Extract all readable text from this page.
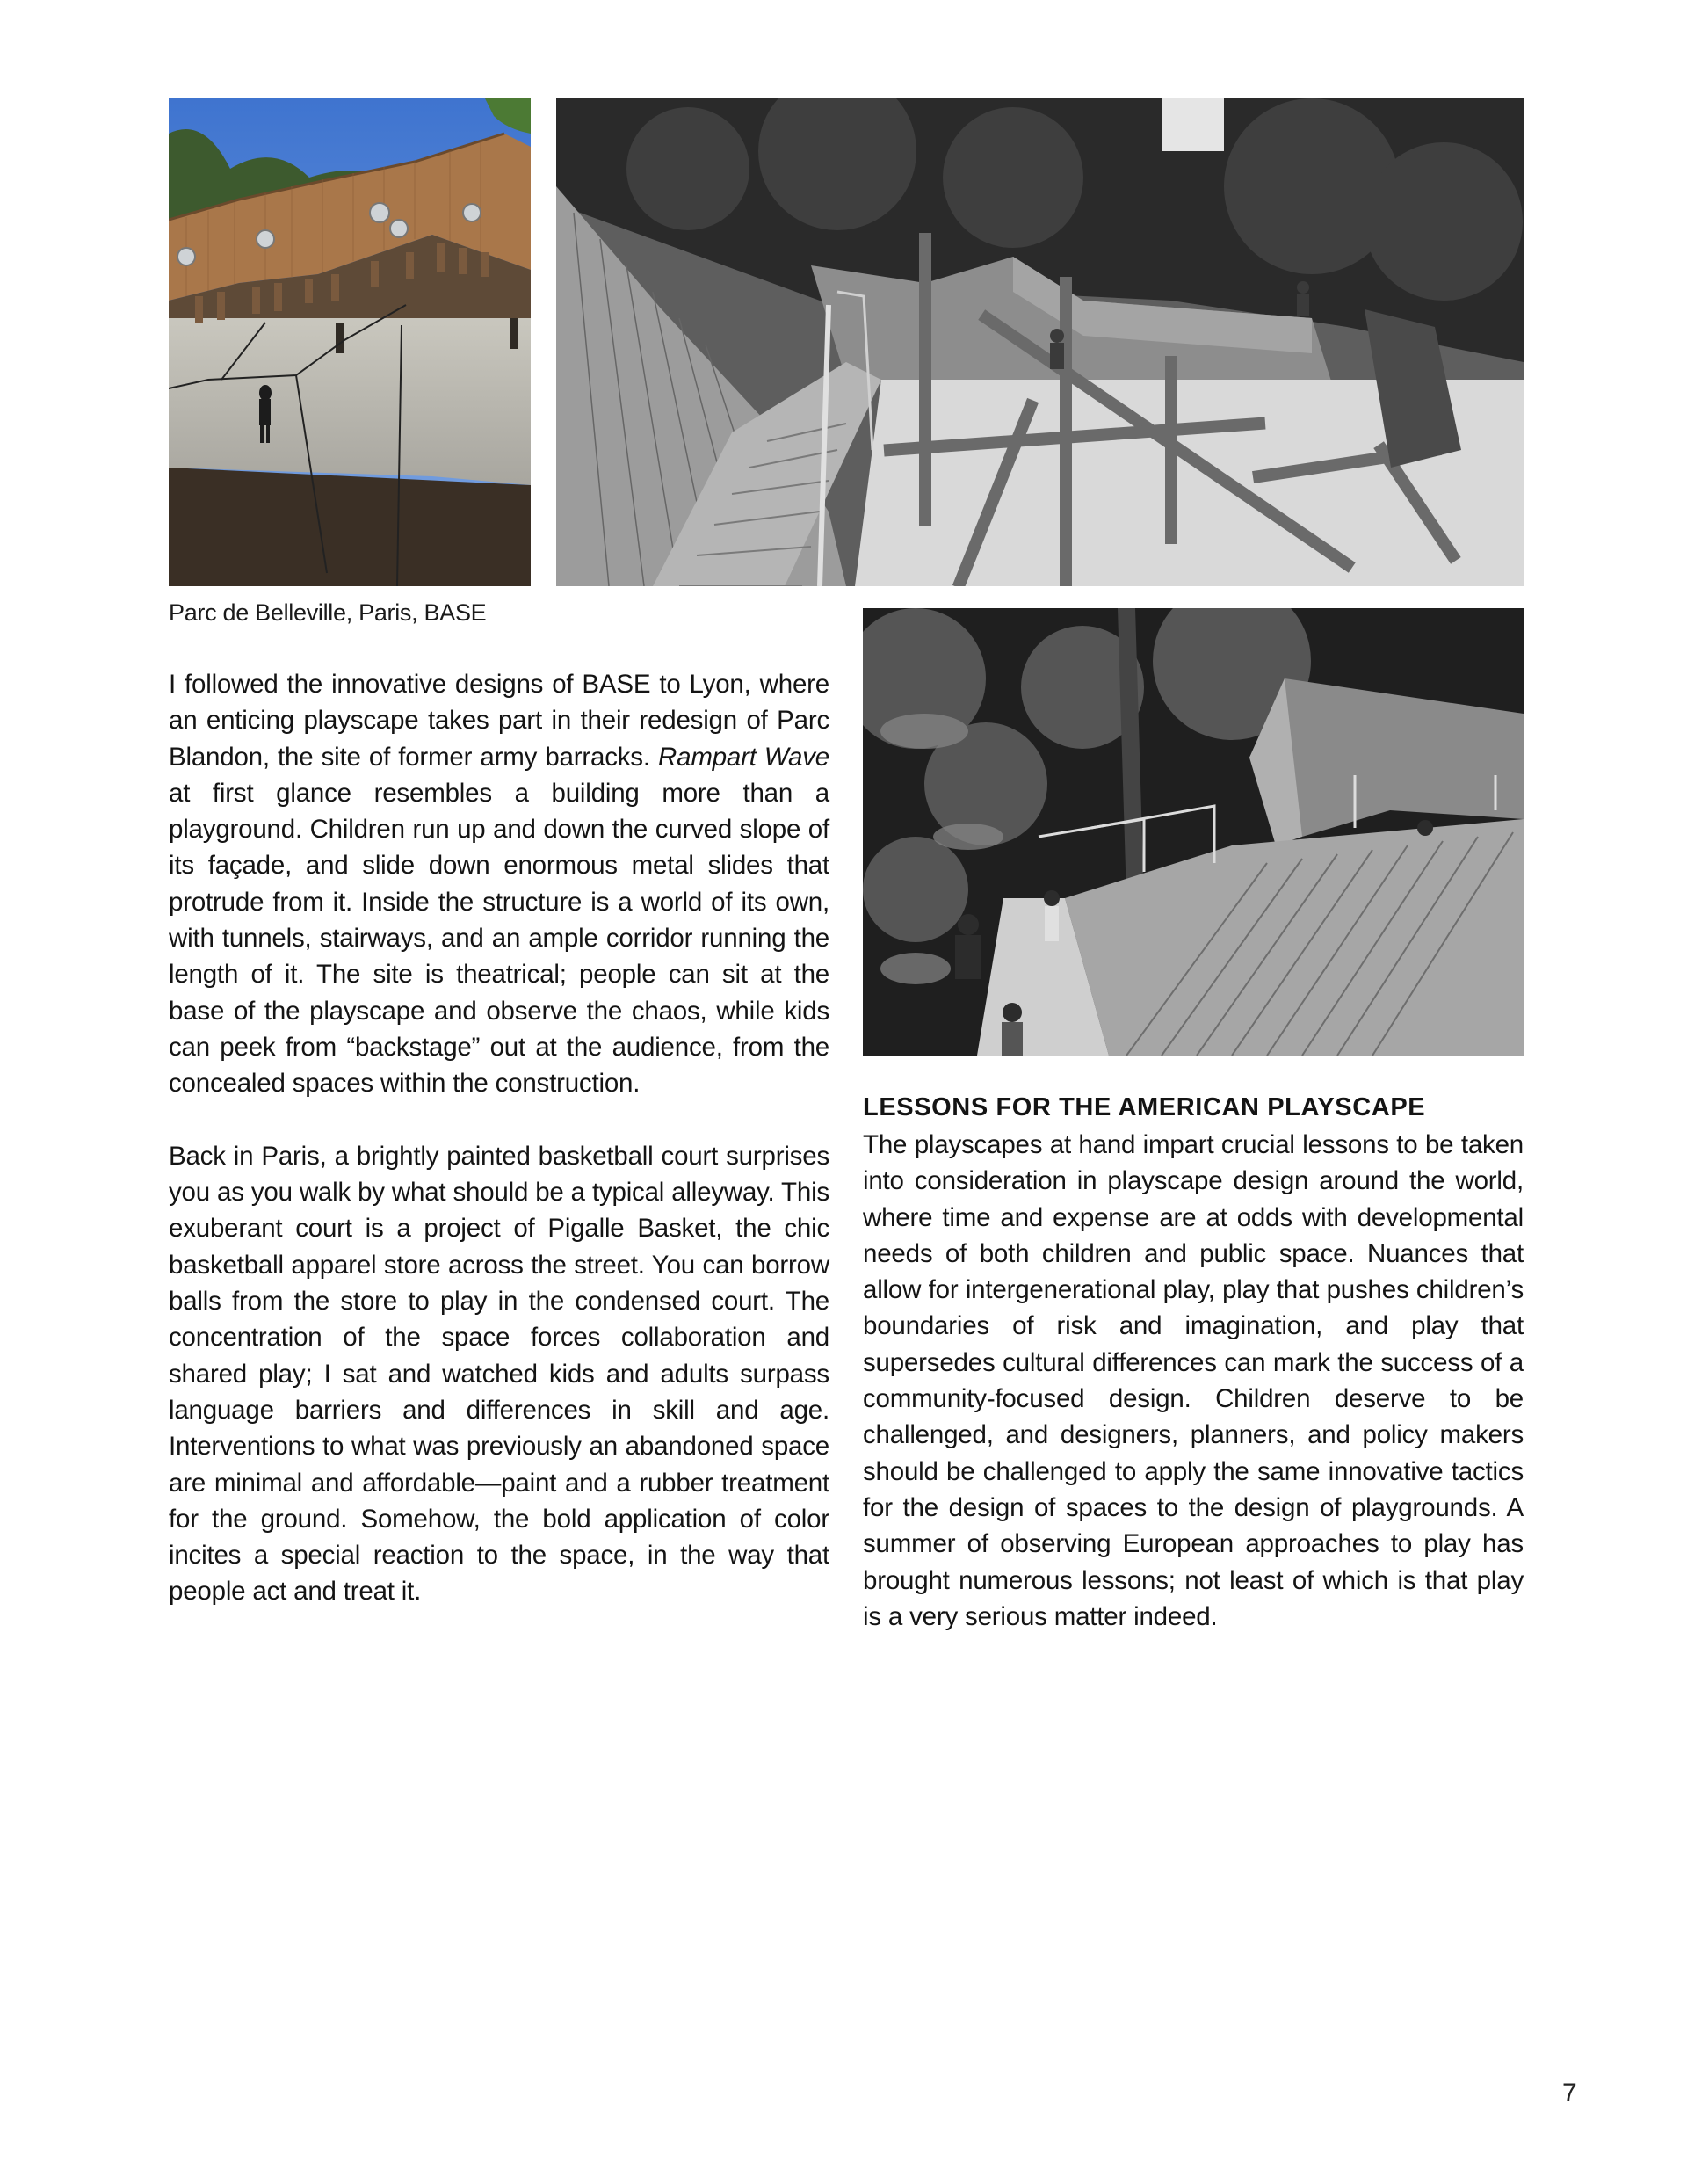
Parc de Belleville, Paris, BASE

I followed the innovative designs of BASE to Lyon, where an enticing playscape takes part in their redesign of Parc Blandon, the site of former army barracks. Rampart Wave at first glance resembles a building more than a playground. Children run up and down the curved slope of its façade, and slide down enormous metal slides that protrude from it. Inside the structure is a world of its own, with tunnels, stairways, and an ample corridor running the length of it. The site is theatrical; people can sit at the base of the playscape and observe the chaos, while kids can peek from “backstage” out at the audience, from the concealed spaces within the construction.

Back in Paris, a brightly painted basketball court surprises you as you walk by what should be a typical alleyway. This exuberant court is a project of Pigalle Basket, the chic basketball apparel store across the street. You can borrow balls from the store to play in the condensed court. The concentration of the space forces collaboration and shared play; I sat and watched kids and adults surpass language barriers and differences in skill and age. Interventions to what was previously an abandoned space are minimal and affordable—paint and a rubber treatment for the ground. Somehow, the bold application of color incites a special reaction to the space, in the way that people act and treat it.

LESSONS FOR THE AMERICAN PLAYSCAPE

The playscapes at hand impart crucial lessons to be taken into consideration in playscape design around the world, where time and expense are at odds with developmental needs of both children and public space. Nuances that allow for intergenerational play, play that pushes children’s boundaries of risk and imagination, and play that supersedes cultural differences can mark the success of a community-focused design. Children deserve to be challenged, and designers, planners, and policy makers should be challenged to apply the same innovative tactics for the design of spaces to the design of playgrounds. A summer of observing European approaches to play has brought numerous lessons; not least of which is that play is a very serious matter indeed.

7
